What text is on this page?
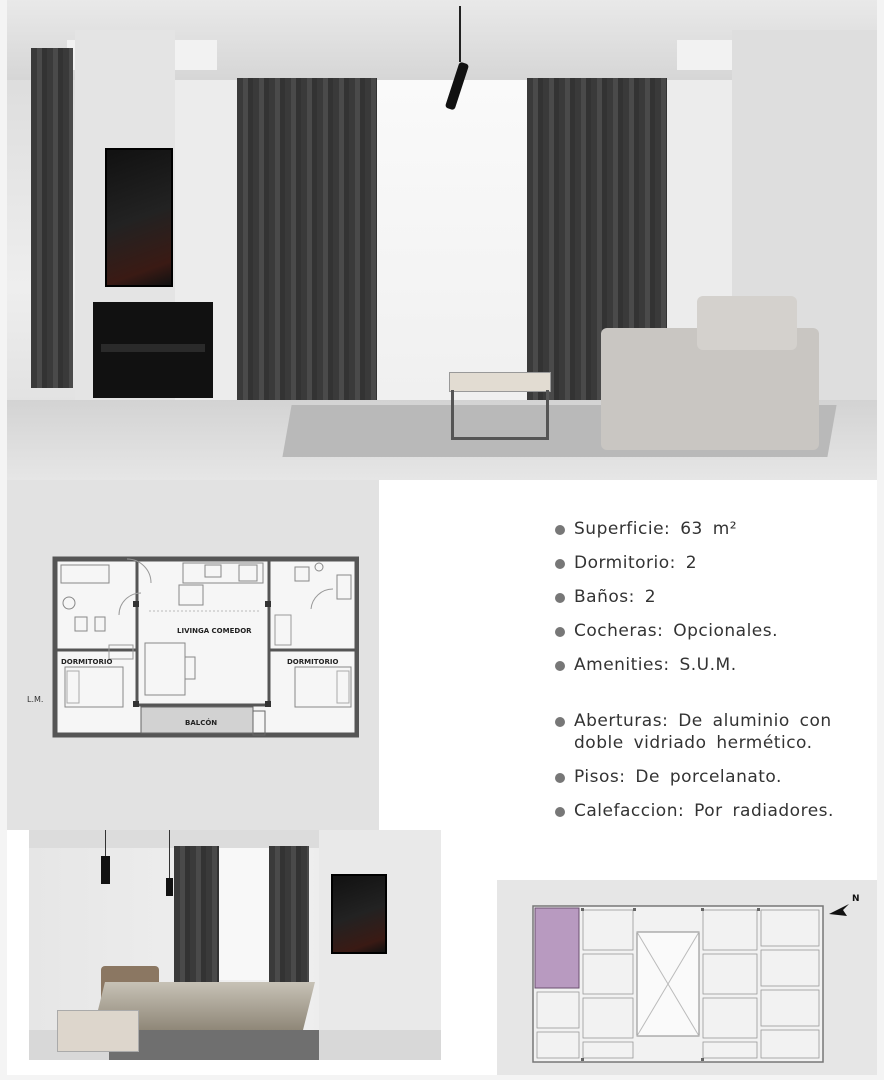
L.M.
LIVINGA COMEDOR
DORMITORIO	DORMITORIO
BALCÓN
Superficie: 63 m²
Dormitorio: 2
Baños: 2
Cocheras: Opcionales.
Amenities: S.U.M.
Aberturas: De aluminio con doble vidriado hermético.
Pisos: De porcelanato.
Calefaccion: Por radiadores.
N
